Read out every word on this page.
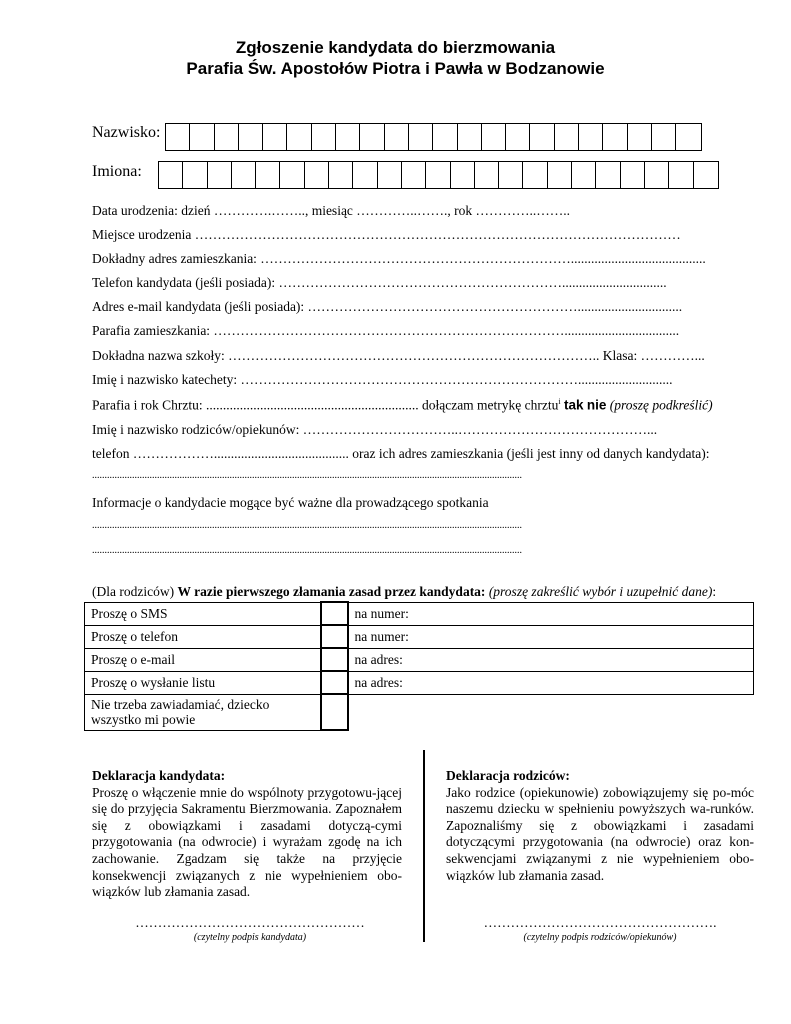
Zgłoszenie kandydata do bierzmowania
Parafia Św. Apostołów Piotra i Pawła w Bodzanowie
Nazwisko:
Imiona:
Data urodzenia: dzień ………….…….., miesiąc …………..……., rok …………..……..
Miejsce urodzenia ………………………………………………………………………………………………
Dokładny adres zamieszkania: ……………………………………………………………........................................
Telefon kandydata (jeśli posiada): ………………………………………………………...............................
Adres e-mail kandydata (jeśli posiada): ……………………………………………………...............................
Parafia zamieszkania: ……………………………………………………………………..................................
Dokładna nazwa szkoły: ……………………………………………………………………….. Klasa: …………...
Imię i nazwisko katechety: …………………………………………………………………............................
Parafia i rok Chrztu: ............................................................... dołączam metrykę chrztu$^i$ tak nie (proszę podkreślić)
Imię i nazwisko rodziców/opiekunów: ……………………………..……………………………………...
telefon ………………........................................ oraz ich adres zamieszkania (jeśli jest inny od danych kandydata):
............................................................................................................................................................................
Informacje o kandydacie mogące być ważne dla prowadzącego spotkania
............................................................................................................................................................................
............................................................................................................................................................................
(Dla rodziców) W razie pierwszego złamania zasad przez kandydata: (proszę zakreślić wybór i uzupełnić dane):
Proszę o SMS		na numer:
Proszę o telefon		na numer:
Proszę o e-mail		na adres:
Proszę o wysłanie listu		na adres:
Nie trzeba zawiadamiać, dziecko
wszystko mi powie		
Deklaracja kandydata:
Proszę o włączenie mnie do wspólnoty przygotowu-jącej się do przyjęcia Sakramentu Bierzmowania. Zapoznałem się z obowiązkami i zasadami dotyczą-cymi przygotowania (na odwrocie) i wyrażam zgodę na ich zachowanie. Zgadzam się także na przyjęcie konsekwencji związanych z nie wypełnieniem obo-wiązków lub złamania zasad.
Deklaracja rodziców:
Jako rodzice (opiekunowie) zobowiązujemy się po-móc naszemu dziecku w spełnieniu powyższych wa-runków. Zapoznaliśmy się z obowiązkami i zasadami dotyczącymi przygotowania (na odwrocie) oraz kon-sekwencjami związanymi z nie wypełnieniem obo-wiązków lub złamania zasad.
……………………………………………
(czytelny podpis kandydata)
…………………………………………….
(czytelny podpis rodziców/opiekunów)
